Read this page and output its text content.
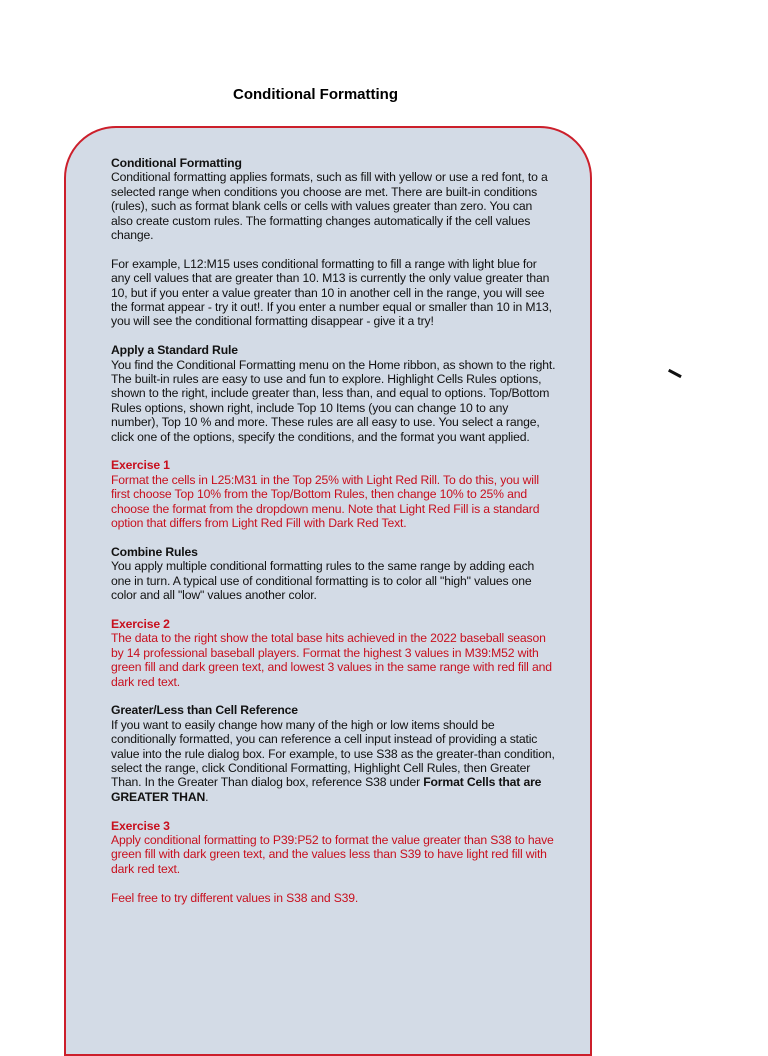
Conditional Formatting
Conditional Formatting

Conditional formatting applies formats, such as fill with yellow or use a red font, to a selected range when conditions you choose are met. There are built-in conditions (rules), such as format blank cells or cells with values greater than zero. You can also create custom rules. The formatting changes automatically if the cell values change.

For example, L12:M15 uses conditional formatting to fill a range with light blue for any cell values that are greater than 10. M13 is currently the only value greater than 10, but if you enter a value greater than 10 in another cell in the range, you will see the format appear - try it out!. If you enter a number equal or smaller than 10 in M13, you will see the conditional formatting disappear - give it a try!

Apply a Standard Rule

You find the Conditional Formatting menu on the Home ribbon, as shown to the right. The built-in rules are easy to use and fun to explore. Highlight Cells Rules options, shown to the right, include greater than, less than, and equal to options. Top/Bottom Rules options, shown right, include Top 10 Items (you can change 10 to any number), Top 10 % and more. These rules are all easy to use. You select a range, click one of the options, specify the conditions, and the format you want applied.

Exercise 1

Format the cells in L25:M31 in the Top 25% with Light Red Rill. To do this, you will first choose Top 10% from the Top/Bottom Rules, then change 10% to 25% and choose the format from the dropdown menu. Note that Light Red Fill is a standard option that differs from Light Red Fill with Dark Red Text.

Combine Rules

You apply multiple conditional formatting rules to the same range by adding each one in turn. A typical use of conditional formatting is to color all "high" values one color and all "low" values another color.

Exercise 2

The data to the right show the total base hits achieved in the 2022 baseball season by 14 professional baseball players. Format the highest 3 values in M39:M52 with green fill and dark green text, and lowest 3 values in the same range with red fill and dark red text.

Greater/Less than Cell Reference

If you want to easily change how many of the high or low items should be conditionally formatted, you can reference a cell input instead of providing a static value into the rule dialog box. For example, to use S38 as the greater-than condition, select the range, click Conditional Formatting, Highlight Cell Rules, then Greater Than. In the Greater Than dialog box, reference S38 under Format Cells that are GREATER THAN.

Exercise 3

Apply conditional formatting to P39:P52 to format the value greater than S38 to have green fill with dark green text, and the values less than S39 to have light red fill with dark red text.

Feel free to try different values in S38 and S39.
